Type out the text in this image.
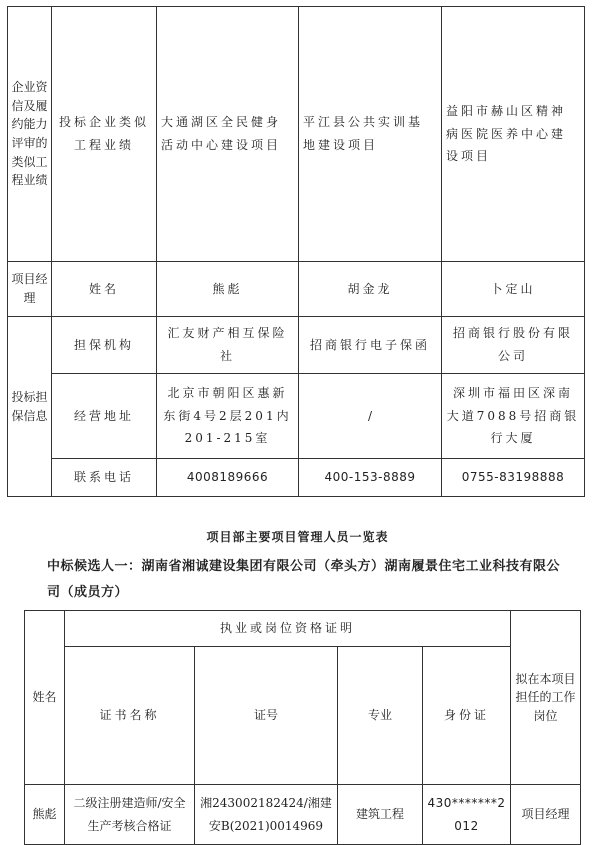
企业资信及履约能力评审的类似工程业绩	投标企业类似工程业绩	大通湖区全民健身活动中心建设项目	平江县公共实训基地建设项目	益阳市赫山区精神病医院医养中心建设项目
项目经理	姓名	熊彪	胡金龙	卜定山
投标担保信息	担保机构	汇友财产相互保险社	招商银行电子保函	招商银行股份有限公司
	经营地址	北京市朝阳区惠新东街4号2层201内201-215室	/	深圳市福田区深南大道7088号招商银行大厦
	联系电话	4008189666	400-153-8889	0755-83198888
项目部主要项目管理人员一览表
中标候选人一：湖南省湘诚建设集团有限公司（牵头方）湖南履景住宅工业科技有限公司（成员方）
姓名	执业或岗位资格证明				拟在本项目担任的工作岗位
	证书名称	证号	专业	身份证	
熊彪	二级注册建造师/安全生产考核合格证	湘243002182424/湘建安B(2021)0014969	建筑工程	430*******2012	项目经理
